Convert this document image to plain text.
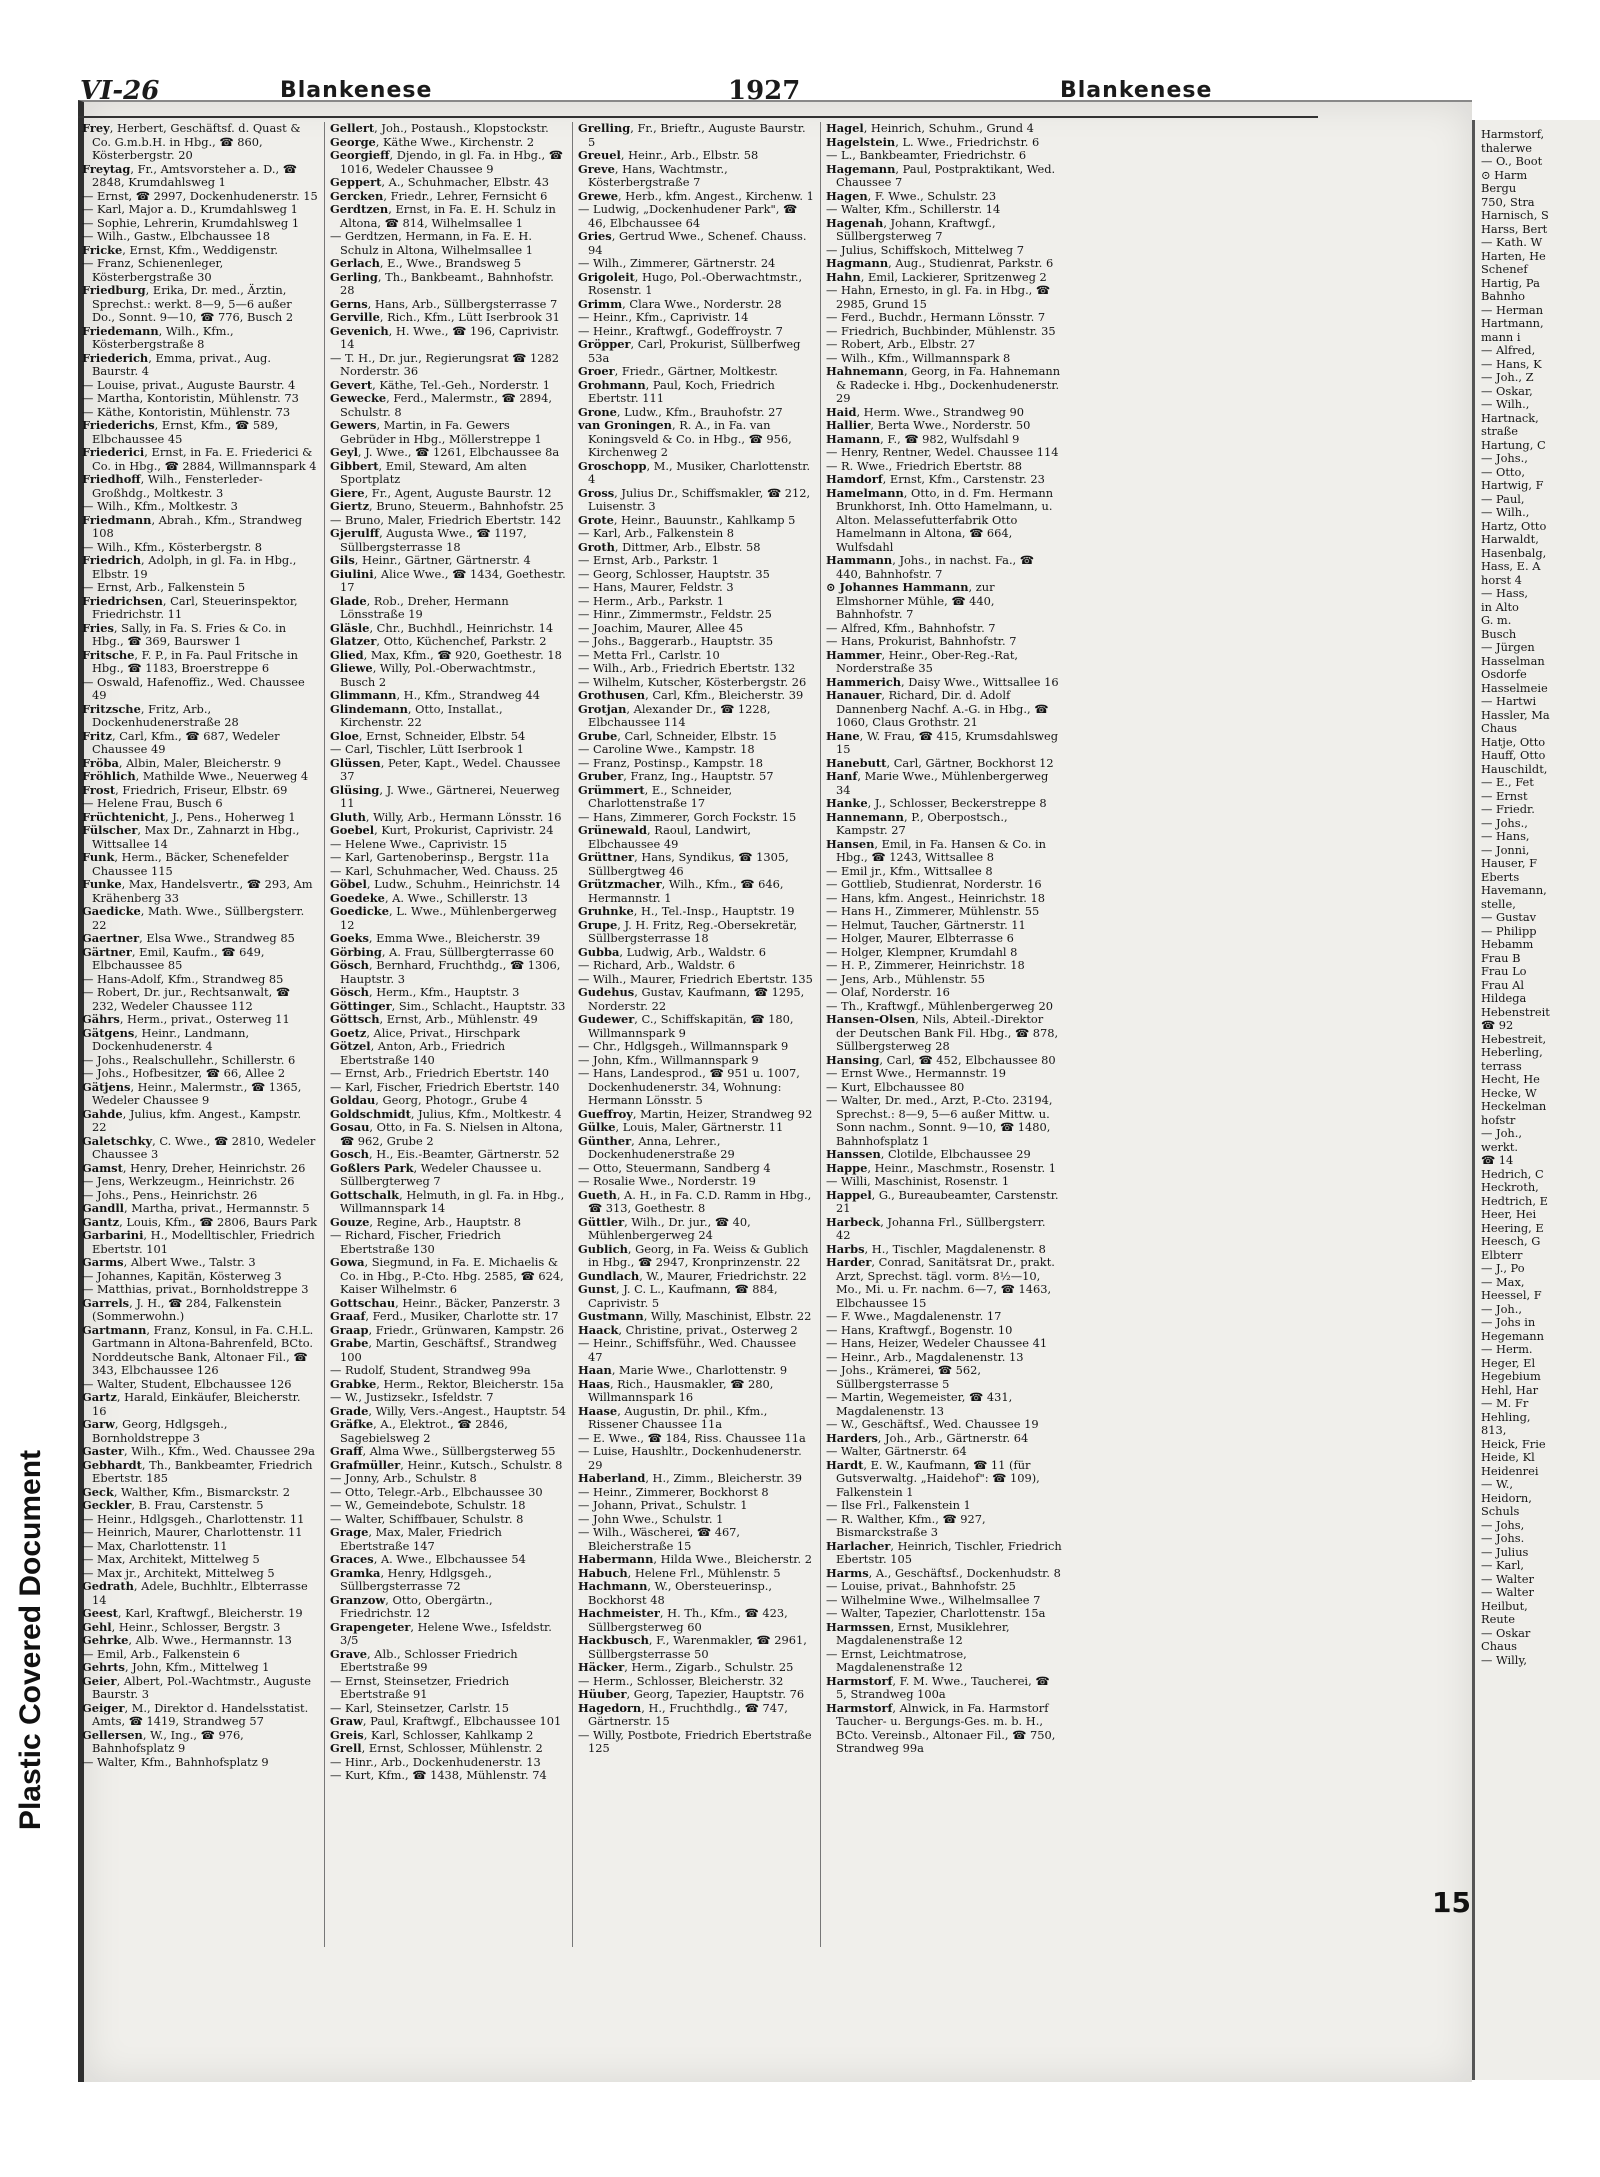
Plastic Covered Document

Harmstorf,

thalerwe

— O., Boot

⊙ Harm

Bergu

750, Stra

Harnisch, S

Harss, Bert

— Kath. W

Harten, He

Schenef

Hartig, Pa

Bahnho

— Herman

Hartmann,

mann i

— Alfred,

— Hans, K

— Joh., Z

— Oskar,

— Wilh.,

Hartnack,

straße

Hartung, C

— Johs.,

— Otto,

Hartwig, F

— Paul,

— Wilh.,

Hartz, Otto

Harwaldt,

Hasenbalg,

Hass, E. A

horst 4

— Hass,

in Alto

G. m.

Busch

— Jürgen

Hasselman

Osdorfe

Hasselmeie

— Hartwi

Hassler, Ma

Chaus

Hatje, Otto

Hauff, Otto

Hauschildt,

— E., Fet

— Ernst

— Friedr.

— Johs.,

— Hans,

— Jonni,

Hauser, F

Eberts

Havemann,

stelle,

— Gustav

— Philipp

Hebamm

Frau B

Frau Lo

Frau Al

Hildega

Hebenstreit

☎ 92

Hebestreit,

Heberling,

terrass

Hecht, He

Hecke, W

Heckelman

hofstr

— Joh.,

werkt.

☎ 14

Hedrich, C

Heckroth,

Hedtrich, E

Heer, Hei

Heering, E

Heesch, G

Elbterr

— J., Po

— Max,

Heessel, F

— Joh.,

— Johs in

Hegemann

— Herm.

Heger, El

Hegebium

Hehl, Har

— M. Fr

Hehling,

813,

Heick, Frie

Heide, Kl

Heidenrei

— W.,

Heidorn,

Schuls

— Johs,

— Johs.

— Julius

— Karl,

— Walter

— Walter

Heilbut,

Reute

— Oskar

Chaus

— Willy,

VI-26	Blankenese	1927	Blankenese

Frey, Herbert, Geschäftsf. d. Quast & Co. G.m.b.H. in Hbg., ☎ 860, Kösterbergstr. 20

Freytag, Fr., Amtsvorsteher a. D., ☎ 2848, Krumdahlsweg 1

— Ernst, ☎ 2997, Dockenhudenerstr. 15

— Karl, Major a. D., Krumdahlsweg 1

— Sophie, Lehrerin, Krumdahlsweg 1

— Wilh., Gastw., Elbchaussee 18

Fricke, Ernst, Kfm., Weddigenstr.

— Franz, Schienenleger, Kösterbergstraße 30

Friedburg, Erika, Dr. med., Ärztin, Sprechst.: werkt. 8—9, 5—6 außer Do., Sonnt. 9—10, ☎ 776, Busch 2

Friedemann, Wilh., Kfm., Kösterbergstraße 8

Friederich, Emma, privat., Aug. Baurstr. 4

— Louise, privat., Auguste Baurstr. 4

— Martha, Kontoristin, Mühlenstr. 73

— Käthe, Kontoristin, Mühlenstr. 73

Friederichs, Ernst, Kfm., ☎ 589, Elbchaussee 45

Friederici, Ernst, in Fa. E. Friederici & Co. in Hbg., ☎ 2884, Willmannspark 4

Friedhoff, Wilh., Fensterleder-Großhdg., Moltkestr. 3

— Wilh., Kfm., Moltkestr. 3

Friedmann, Abrah., Kfm., Strandweg 108

— Wilh., Kfm., Kösterbergstr. 8

Friedrich, Adolph, in gl. Fa. in Hbg., Elbstr. 19

— Ernst, Arb., Falkenstein 5

Friedrichsen, Carl, Steuerinspektor, Friedrichstr. 11

Fries, Sally, in Fa. S. Fries & Co. in Hbg., ☎ 369, Baurswег 1

Fritsche, F. P., in Fa. Paul Fritsche in Hbg., ☎ 1183, Broerstreppe 6

— Oswald, Hafenoffiz., Wed. Chaussee 49

Fritzsche, Fritz, Arb., Dockenhudenerstraße 28

Fritz, Carl, Kfm., ☎ 687, Wedeler Chaussee 49

Fröba, Albin, Maler, Bleicherstr. 9

Fröhlich, Mathilde Wwe., Neuerweg 4

Frost, Friedrich, Friseur, Elbstr. 69

— Helene Frau, Busch 6

Früchtenicht, J., Pens., Hoherweg 1

Fülscher, Max Dr., Zahnarzt in Hbg., Wittsallee 14

Funk, Herm., Bäcker, Schenefelder Chaussee 115

Funke, Max, Handelsvertr., ☎ 293, Am Krähenberg 33

Gaedicke, Math. Wwe., Süllbergsterr. 22

Gaertner, Elsa Wwe., Strandweg 85

Gärtner, Emil, Kaufm., ☎ 649, Elbchaussee 85

— Hans-Adolf, Kfm., Strandweg 85

— Robert, Dr. jur., Rechtsanwalt, ☎ 232, Wedeler Chaussee 112

Gährs, Herm., privat., Osterweg 11

Gätgens, Heinr., Landmann, Dockenhudenerstr. 4

— Johs., Realschullehr., Schillerstr. 6

— Johs., Hofbesitzer, ☎ 66, Allee 2

Gätjens, Heinr., Malermstr., ☎ 1365, Wedeler Chaussee 9

Gahde, Julius, kfm. Angest., Kampstr. 22

Galetschky, C. Wwe., ☎ 2810, Wedeler Chaussee 3

Gamst, Henry, Dreher, Heinrichstr. 26

— Jens, Werkzeugm., Heinrichstr. 26

— Johs., Pens., Heinrichstr. 26

Gandll, Martha, privat., Hermannstr. 5

Gantz, Louis, Kfm., ☎ 2806, Baurs Park

Garbarini, H., Modelltischler, Friedrich Ebertstr. 101

Garms, Albert Wwe., Talstr. 3

— Johannes, Kapitän, Kösterweg 3

— Matthias, privat., Bornholdstreppe 3

Garrels, J. H., ☎ 284, Falkenstein (Sommerwohn.)

Gartmann, Franz, Konsul, in Fa. C.H.L. Gartmann in Altona-Bahrenfeld, BCto. Norddeutsche Bank, Altonaer Fil., ☎ 343, Elbchaussee 126

— Walter, Student, Elbchaussee 126

Gartz, Harald, Einkäufer, Bleicherstr. 16

Garw, Georg, Hdlgsgeh., Bornholdstreppe 3

Gaster, Wilh., Kfm., Wed. Chaussee 29a

Gebhardt, Th., Bankbeamter, Friedrich Ebertstr. 185

Geck, Walther, Kfm., Bismarckstr. 2

Geckler, B. Frau, Carstenstr. 5

— Heinr., Hdlgsgeh., Charlottenstr. 11

— Heinrich, Maurer, Charlottenstr. 11

— Max, Charlottenstr. 11

— Max, Architekt, Mittelweg 5

— Max jr., Architekt, Mittelweg 5

Gedrath, Adele, Buchhltr., Elbterrasse 14

Geest, Karl, Kraftwgf., Bleicherstr. 19

Gehl, Heinr., Schlosser, Bergstr. 3

Gehrke, Alb. Wwe., Hermannstr. 13

— Emil, Arb., Falkenstein 6

Gehrts, John, Kfm., Mittelweg 1

Geier, Albert, Pol.-Wachtmstr., Auguste Baurstr. 3

Geiger, M., Direktor d. Handelsstatist. Amts, ☎ 1419, Strandweg 57

Gellersen, W., Ing., ☎ 976, Bahnhofsplatz 9

— Walter, Kfm., Bahnhofsplatz 9

Gellert, Joh., Postaush., Klopstockstr.

George, Käthe Wwe., Kirchenstr. 2

Georgieff, Djendo, in gl. Fa. in Hbg., ☎ 1016, Wedeler Chaussee 9

Geppert, A., Schuhmacher, Elbstr. 43

Gercken, Friedr., Lehrer, Fernsicht 6

Gerdtzen, Ernst, in Fa. E. H. Schulz in Altona, ☎ 814, Wilhelmsallee 1

— Gerdtzen, Hermann, in Fa. E. H. Schulz in Altona, Wilhelmsallee 1

Gerlach, E., Wwe., Brandsweg 5

Gerling, Th., Bankbeamt., Bahnhofstr. 28

Gerns, Hans, Arb., Süllbergsterrasse 7

Gerville, Rich., Kfm., Lütt Iserbrook 31

Gevenich, H. Wwe., ☎ 196, Caprivistr. 14

— T. H., Dr. jur., Regierungsrat ☎ 1282 Norderstr. 36

Gevert, Käthe, Tel.-Geh., Norderstr. 1

Gewecke, Ferd., Malermstr., ☎ 2894, Schulstr. 8

Gewers, Martin, in Fa. Gewers Gebrüder in Hbg., Möllerstreppe 1

Geyl, J. Wwe., ☎ 1261, Elbchaussee 8a

Gibbert, Emil, Steward, Am alten Sportplatz

Giere, Fr., Agent, Auguste Baurstr. 12

Giertz, Bruno, Steuerm., Bahnhofstr. 25

— Bruno, Maler, Friedrich Ebertstr. 142

Gjerulff, Augusta Wwe., ☎ 1197, Süllbergsterrasse 18

Gils, Heinr., Gärtner, Gärtnerstr. 4

Giulini, Alice Wwe., ☎ 1434, Goethestr. 17

Glade, Rob., Dreher, Hermann Lönsstraße 19

Gläsle, Chr., Buchhdl., Heinrichstr. 14

Glatzer, Otto, Küchenchef, Parkstr. 2

Glied, Max, Kfm., ☎ 920, Goethestr. 18

Gliewe, Willy, Pol.-Oberwachtmstr., Busch 2

Glimmann, H., Kfm., Strandweg 44

Glindemann, Otto, Installat., Kirchenstr. 22

Gloe, Ernst, Schneider, Elbstr. 54

— Carl, Tischler, Lütt Iserbrook 1

Glüssen, Peter, Kapt., Wedel. Chaussee 37

Glüsing, J. Wwe., Gärtnerei, Neuerweg 11

Gluth, Willy, Arb., Hermann Lönsstr. 16

Goebel, Kurt, Prokurist, Caprivistr. 24

— Helene Wwe., Caprivistr. 15

— Karl, Gartenoberinsp., Bergstr. 11a

— Karl, Schuhmacher, Wed. Chauss. 25

Göbel, Ludw., Schuhm., Heinrichstr. 14

Goedeke, A. Wwe., Schillerstr. 13

Goedicke, L. Wwe., Mühlenbergerweg 12

Goeks, Emma Wwe., Bleicherstr. 39

Görbing, A. Frau, Süllbergterrasse 60

Gösch, Bernhard, Fruchthdg., ☎ 1306, Hauptstr. 3

Gösch, Herm., Kfm., Hauptstr. 3

Göttinger, Sim., Schlacht., Hauptstr. 33

Göttsch, Ernst, Arb., Mühlenstr. 49

Goetz, Alice, Privat., Hirschpark

Götzel, Anton, Arb., Friedrich Ebertstraße 140

— Ernst, Arb., Friedrich Ebertstr. 140

— Karl, Fischer, Friedrich Ebertstr. 140

Goldau, Georg, Photogr., Grube 4

Goldschmidt, Julius, Kfm., Moltkestr. 4

Gosau, Otto, in Fa. S. Nielsen in Altona, ☎ 962, Grube 2

Gosch, H., Eis.-Beamter, Gärtnerstr. 52

Goßlers Park, Wedeler Chaussee u. Süllbergterweg 7

Gottschalk, Helmuth, in gl. Fa. in Hbg., Willmannspark 14

Gouze, Regine, Arb., Hauptstr. 8

— Richard, Fischer, Friedrich Ebertstraße 130

Gowa, Siegmund, in Fa. E. Michaelis & Co. in Hbg., P.-Cto. Hbg. 2585, ☎ 624, Kaiser Wilhelmstr. 6

Gottschau, Heinr., Bäcker, Panzerstr. 3

Graaf, Ferd., Musiker, Charlotte str. 17

Graap, Friedr., Grünwaren, Kampstr. 26

Grabe, Martin, Geschäftsf., Strandweg 100

— Rudolf, Student, Strandweg 99a

Grabke, Herm., Rektor, Bleicherstr. 15a

— W., Justizsekr., Isfeldstr. 7

Grade, Willy, Vers.-Angest., Hauptstr. 54

Gräfke, A., Elektrot., ☎ 2846, Sagebielsweg 2

Graff, Alma Wwe., Süllbergsterweg 55

Grafmüller, Heinr., Kutsch., Schulstr. 8

— Jonny, Arb., Schulstr. 8

— Otto, Telegr.-Arb., Elbchaussee 30

— W., Gemeindebote, Schulstr. 18

— Walter, Schiffbauer, Schulstr. 8

Grage, Max, Maler, Friedrich Ebertstraße 147

Graces, A. Wwe., Elbchaussee 54

Gramka, Henry, Hdlgsgeh., Süllbergsterrasse 72

Granzow, Otto, Obergärtn., Friedrichstr. 12

Grapengeter, Helene Wwe., Isfeldstr. 3/5

Grave, Alb., Schlosser Friedrich Ebertstraße 99

— Ernst, Steinsetzer, Friedrich Ebertstraße 91

— Karl, Steinsetzer, Carlstr. 15

Graw, Paul, Kraftwgf., Elbchaussee 101

Greis, Karl, Schlosser, Kahlkamp 2

Grell, Ernst, Schlosser, Mühlenstr. 2

— Hinr., Arb., Dockenhudenerstr. 13

— Kurt, Kfm., ☎ 1438, Mühlenstr. 74

Grelling, Fr., Brieftr., Auguste Baurstr. 5

Greuel, Heinr., Arb., Elbstr. 58

Greve, Hans, Wachtmstr., Kösterbergstraße 7

Grewe, Herb., kfm. Angest., Kirchenw. 1

— Ludwig, „Dockenhudener Park", ☎ 46, Elbchaussee 64

Gries, Gertrud Wwe., Schenef. Chauss. 94

— Wilh., Zimmerer, Gärtnerstr. 24

Grigoleit, Hugo, Pol.-Oberwachtmstr., Rosenstr. 1

Grimm, Clara Wwe., Norderstr. 28

— Heinr., Kfm., Caprivistr. 14

— Heinr., Kraftwgf., Godeffroystr. 7

Gröpper, Carl, Prokurist, Süllberfweg 53a

Groer, Friedr., Gärtner, Moltkestr.

Grohmann, Paul, Koch, Friedrich Ebertstr. 111

Grone, Ludw., Kfm., Brauhofstr. 27

van Groningen, R. A., in Fa. van Koningsveld & Co. in Hbg., ☎ 956, Kirchenweg 2

Groschopp, M., Musiker, Charlottenstr. 4

Gross, Julius Dr., Schiffsmakler, ☎ 212, Luisenstr. 3

Grote, Heinr., Bauunstr., Kahlkamp 5

— Karl, Arb., Falkenstein 8

Groth, Dittmer, Arb., Elbstr. 58

— Ernst, Arb., Parkstr. 1

— Georg, Schlosser, Hauptstr. 35

— Hans, Maurer, Feldstr. 3

— Herm., Arb., Parkstr. 1

— Hinr., Zimmermstr., Feldstr. 25

— Joachim, Maurer, Allee 45

— Johs., Baggerarb., Hauptstr. 35

— Metta Frl., Carlstr. 10

— Wilh., Arb., Friedrich Ebertstr. 132

— Wilhelm, Kutscher, Kösterbergstr. 26

Grothusen, Carl, Kfm., Bleicherstr. 39

Grotjan, Alexander Dr., ☎ 1228, Elbchaussee 114

Grube, Carl, Schneider, Elbstr. 15

— Caroline Wwe., Kampstr. 18

— Franz, Postinsp., Kampstr. 18

Gruber, Franz, Ing., Hauptstr. 57

Grümmert, E., Schneider, Charlottenstraße 17

— Hans, Zimmerer, Gorch Fockstr. 15

Grünewald, Raoul, Landwirt, Elbchaussee 49

Grüttner, Hans, Syndikus, ☎ 1305, Süllbergtweg 46

Grützmacher, Wilh., Kfm., ☎ 646, Hermannstr. 1

Gruhnke, H., Tel.-Insp., Hauptstr. 19

Grupe, J. H. Fritz, Reg.-Obersekretär, Süllbergsterrasse 18

Gubba, Ludwig, Arb., Waldstr. 6

— Richard, Arb., Waldstr. 6

— Wilh., Maurer, Friedrich Ebertstr. 135

Gudehus, Gustav, Kaufmann, ☎ 1295, Norderstr. 22

Gudewer, C., Schiffskapitän, ☎ 180, Willmannspark 9

— Chr., Hdlgsgeh., Willmannspark 9

— John, Kfm., Willmannspark 9

— Hans, Landesprod., ☎ 951 u. 1007, Dockenhudenerstr. 34, Wohnung: Hermann Lönsstr. 5

Gueffroy, Martin, Heizer, Strandweg 92

Gülke, Louis, Maler, Gärtnerstr. 11

Günther, Anna, Lehrer., Dockenhudenerstraße 29

— Otto, Steuermann, Sandberg 4

— Rosalie Wwe., Norderstr. 19

Gueth, A. H., in Fa. C.D. Ramm in Hbg., ☎ 313, Goethestr. 8

Güttler, Wilh., Dr. jur., ☎ 40, Mühlenbergerweg 24

Gublich, Georg, in Fa. Weiss & Gublich in Hbg., ☎ 2947, Kronprinzenstr. 22

Gundlach, W., Maurer, Friedrichstr. 22

Gunst, J. C. L., Kaufmann, ☎ 884, Caprivistr. 5

Gustmann, Willy, Maschinist, Elbstr. 22

Haack, Christine, privat., Osterweg 2

— Heinr., Schiffsführ., Wed. Chaussee 47

Haan, Marie Wwe., Charlottenstr. 9

Haas, Rich., Hausmakler, ☎ 280, Willmannspark 16

Haase, Augustin, Dr. phil., Kfm., Rissener Chaussee 11a

— E. Wwe., ☎ 184, Riss. Chaussee 11a

— Luise, Haushltr., Dockenhudenerstr. 29

Haberland, H., Zimm., Bleicherstr. 39

— Heinr., Zimmerer, Bockhorst 8

— Johann, Privat., Schulstr. 1

— John Wwe., Schulstr. 1

— Wilh., Wäscherei, ☎ 467, Bleicherstraße 15

Habermann, Hilda Wwe., Bleicherstr. 2

Habuch, Helene Frl., Mühlenstr. 5

Hachmann, W., Obersteuerinsp., Bockhorst 48

Hachmeister, H. Th., Kfm., ☎ 423, Süllbergsterweg 60

Hackbusch, F., Warenmakler, ☎ 2961, Süllbergsterrasse 50

Häcker, Herm., Zigarb., Schulstr. 25

— Herm., Schlosser, Bleicherstr. 32

Hüuber, Georg, Tapezier, Hauptstr. 76

Hagedorn, H., Fruchthdlg., ☎ 747, Gärtnerstr. 15

— Willy, Postbote, Friedrich Ebertstraße 125

Hagel, Heinrich, Schuhm., Grund 4

Hagelstein, L. Wwe., Friedrichstr. 6

— L., Bankbeamter, Friedrichstr. 6

Hagemann, Paul, Postpraktikant, Wed. Chaussee 7

Hagen, F. Wwe., Schulstr. 23

— Walter, Kfm., Schillerstr. 14

Hagenah, Johann, Kraftwgf., Süllbergsterweg 7

— Julius, Schiffskoch, Mittelweg 7

Hagmann, Aug., Studienrat, Parkstr. 6

Hahn, Emil, Lackierer, Spritzenweg 2

— Hahn, Ernesto, in gl. Fa. in Hbg., ☎ 2985, Grund 15

— Ferd., Buchdr., Hermann Lönsstr. 7

— Friedrich, Buchbinder, Mühlenstr. 35

— Robert, Arb., Elbstr. 27

— Wilh., Kfm., Willmannspark 8

Hahnemann, Georg, in Fa. Hahnemann & Radecke i. Hbg., Dockenhudenerstr. 29

Haid, Herm. Wwe., Strandweg 90

Hallier, Berta Wwe., Norderstr. 50

Hamann, F., ☎ 982, Wulfsdahl 9

— Henry, Rentner, Wedel. Chaussee 114

— R. Wwe., Friedrich Ebertstr. 88

Hamdorf, Ernst, Kfm., Carstenstr. 23

Hamelmann, Otto, in d. Fm. Hermann Brunkhorst, Inh. Otto Hamelmann, u. Alton. Melassefutterfabrik Otto Hamelmann in Altona, ☎ 664, Wulfsdahl

Hammann, Johs., in nachst. Fa., ☎ 440, Bahnhofstr. 7

⊙ Johannes Hammann, zur Elmshorner Mühle, ☎ 440, Bahnhofstr. 7

— Alfred, Kfm., Bahnhofstr. 7

— Hans, Prokurist, Bahnhofstr. 7

Hammer, Heinr., Ober-Reg.-Rat, Norderstraße 35

Hammerich, Daisy Wwe., Wittsallee 16

Hanauer, Richard, Dir. d. Adolf Dannenberg Nachf. A.-G. in Hbg., ☎ 1060, Claus Grothstr. 21

Hane, W. Frau, ☎ 415, Krumsdahlsweg 15

Hanebutt, Carl, Gärtner, Bockhorst 12

Hanf, Marie Wwe., Mühlenbergerweg 34

Hanke, J., Schlosser, Beckerstreppe 8

Hannemann, P., Oberpostsch., Kampstr. 27

Hansen, Emil, in Fa. Hansen & Co. in Hbg., ☎ 1243, Wittsallee 8

— Emil jr., Kfm., Wittsallee 8

— Gottlieb, Studienrat, Norderstr. 16

— Hans, kfm. Angest., Heinrichstr. 18

— Hans H., Zimmerer, Mühlenstr. 55

— Helmut, Taucher, Gärtnerstr. 11

— Holger, Maurer, Elbterrasse 6

— Holger, Klempner, Krumdahl 8

— H. P., Zimmerer, Heinrichstr. 18

— Jens, Arb., Mühlenstr. 55

— Olaf, Norderstr. 16

— Th., Kraftwgf., Mühlenbergerweg 20

Hansen-Olsen, Nils, Abteil.-Direktor der Deutschen Bank Fil. Hbg., ☎ 878, Süllbergsterweg 28

Hansing, Carl, ☎ 452, Elbchaussee 80

— Ernst Wwe., Hermannstr. 19

— Kurt, Elbchaussee 80

— Walter, Dr. med., Arzt, P.-Cto. 23194, Sprechst.: 8—9, 5—6 außer Mittw. u. Sonn nachm., Sonnt. 9—10, ☎ 1480, Bahnhofsplatz 1

Hanssen, Clotilde, Elbchaussee 29

Happe, Heinr., Maschmstr., Rosenstr. 1

— Willi, Maschinist, Rosenstr. 1

Happel, G., Bureaubeamter, Carstenstr. 21

Harbeck, Johanna Frl., Süllbergsterr. 42

Harbs, H., Tischler, Magdalenenstr. 8

Harder, Conrad, Sanitätsrat Dr., prakt. Arzt, Sprechst. tägl. vorm. 8½—10, Mo., Mi. u. Fr. nachm. 6—7, ☎ 1463, Elbchaussee 15

— F. Wwe., Magdalenenstr. 17

— Hans, Kraftwgf., Bogenstr. 10

— Hans, Heizer, Wedeler Chaussee 41

— Heinr., Arb., Magdalenenstr. 13

— Johs., Krämerei, ☎ 562, Süllbergsterrasse 5

— Martin, Wegemeister, ☎ 431, Magdalenenstr. 13

— W., Geschäftsf., Wed. Chaussee 19

Harders, Joh., Arb., Gärtnerstr. 64

— Walter, Gärtnerstr. 64

Hardt, E. W., Kaufmann, ☎ 11 (für Gutsverwaltg. „Haidehof": ☎ 109), Falkenstein 1

— Ilse Frl., Falkenstein 1

— R. Walther, Kfm., ☎ 927, Bismarckstraße 3

Harlacher, Heinrich, Tischler, Friedrich Ebertstr. 105

Harms, A., Geschäftsf., Dockenhudstr. 8

— Louise, privat., Bahnhofstr. 25

— Wilhelmine Wwe., Wilhelmsallee 7

— Walter, Tapezier, Charlottenstr. 15a

Harmssen, Ernst, Musiklehrer, Magdalenenstraße 12

— Ernst, Leichtmatrose, Magdalenenstraße 12

Harmstorf, F. M. Wwe., Taucherei, ☎ 5, Strandweg 100a

Harmstorf, Alnwick, in Fa. Harmstorf Taucher- u. Bergungs-Ges. m. b. H., BCto. Vereinsb., Altonaer Fil., ☎ 750, Strandweg 99a

15
